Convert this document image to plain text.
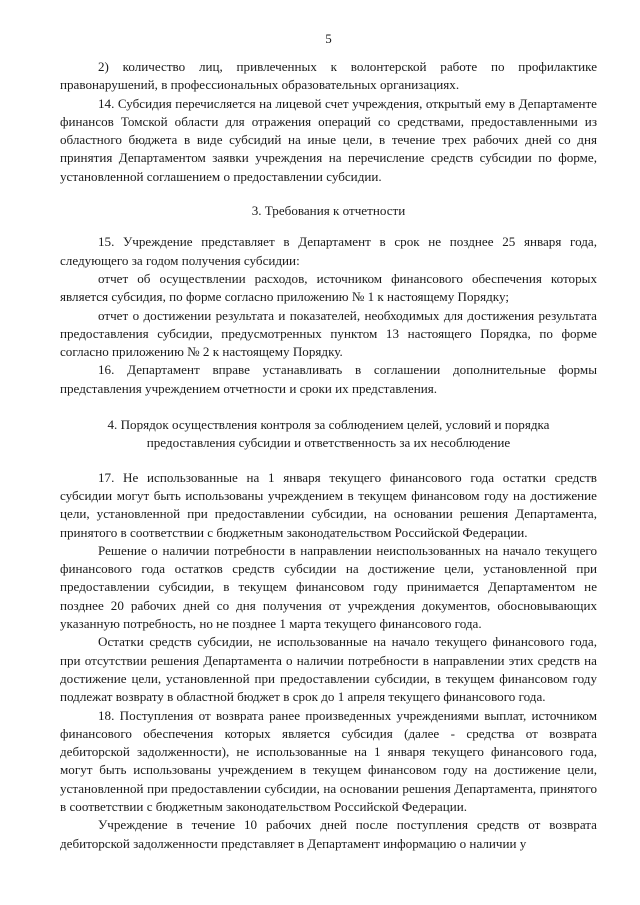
5

2) количество лиц, привлеченных к волонтерской работе по профилактике правонарушений, в профессиональных образовательных организациях.

14. Субсидия перечисляется на лицевой счет учреждения, открытый ему в Департаменте финансов Томской области для отражения операций со средствами, предоставленными из областного бюджета в виде субсидий на иные цели, в течение трех рабочих дней со дня принятия Департаментом заявки учреждения на перечисление средств субсидии по форме, установленной соглашением о предоставлении субсидии.

3. Требования к отчетности

15. Учреждение представляет в Департамент в срок не позднее 25 января года, следующего за годом получения субсидии:

отчет об осуществлении расходов, источником финансового обеспечения которых является субсидия, по форме согласно приложению № 1 к настоящему Порядку;

отчет о достижении результата и показателей, необходимых для достижения результата предоставления субсидии, предусмотренных пунктом 13 настоящего Порядка, по форме согласно приложению № 2 к настоящему Порядку.

16. Департамент вправе устанавливать в соглашении дополнительные формы представления учреждением отчетности и сроки их представления.

4. Порядок осуществления контроля за соблюдением целей, условий и порядка

предоставления субсидии и ответственность за их несоблюдение

17. Не использованные на 1 января текущего финансового года остатки средств субсидии могут быть использованы учреждением в текущем финансовом году на достижение цели, установленной при предоставлении субсидии, на основании решения Департамента, принятого в соответствии с бюджетным законодательством Российской Федерации.

Решение о наличии потребности в направлении неиспользованных на начало текущего финансового года остатков средств субсидии на достижение цели, установленной при предоставлении субсидии, в текущем финансовом году принимается Департаментом не позднее 20 рабочих дней со дня получения от учреждения документов, обосновывающих указанную потребность, но не позднее 1 марта текущего финансового года.

Остатки средств субсидии, не использованные на начало текущего финансового года, при отсутствии решения Департамента о наличии потребности в направлении этих средств на достижение цели, установленной при предоставлении субсидии, в текущем финансовом году подлежат возврату в областной бюджет в срок до 1 апреля текущего финансового года.

18. Поступления от возврата ранее произведенных учреждениями выплат, источником финансового обеспечения которых является субсидия (далее - средства от возврата дебиторской задолженности), не использованные на 1 января текущего финансового года, могут быть использованы учреждением в текущем финансовом году на достижение цели, установленной при предоставлении субсидии, на основании решения Департамента, принятого в соответствии с бюджетным законодательством Российской Федерации.

Учреждение в течение 10 рабочих дней после поступления средств от возврата дебиторской задолженности представляет в Департамент информацию о наличии у
